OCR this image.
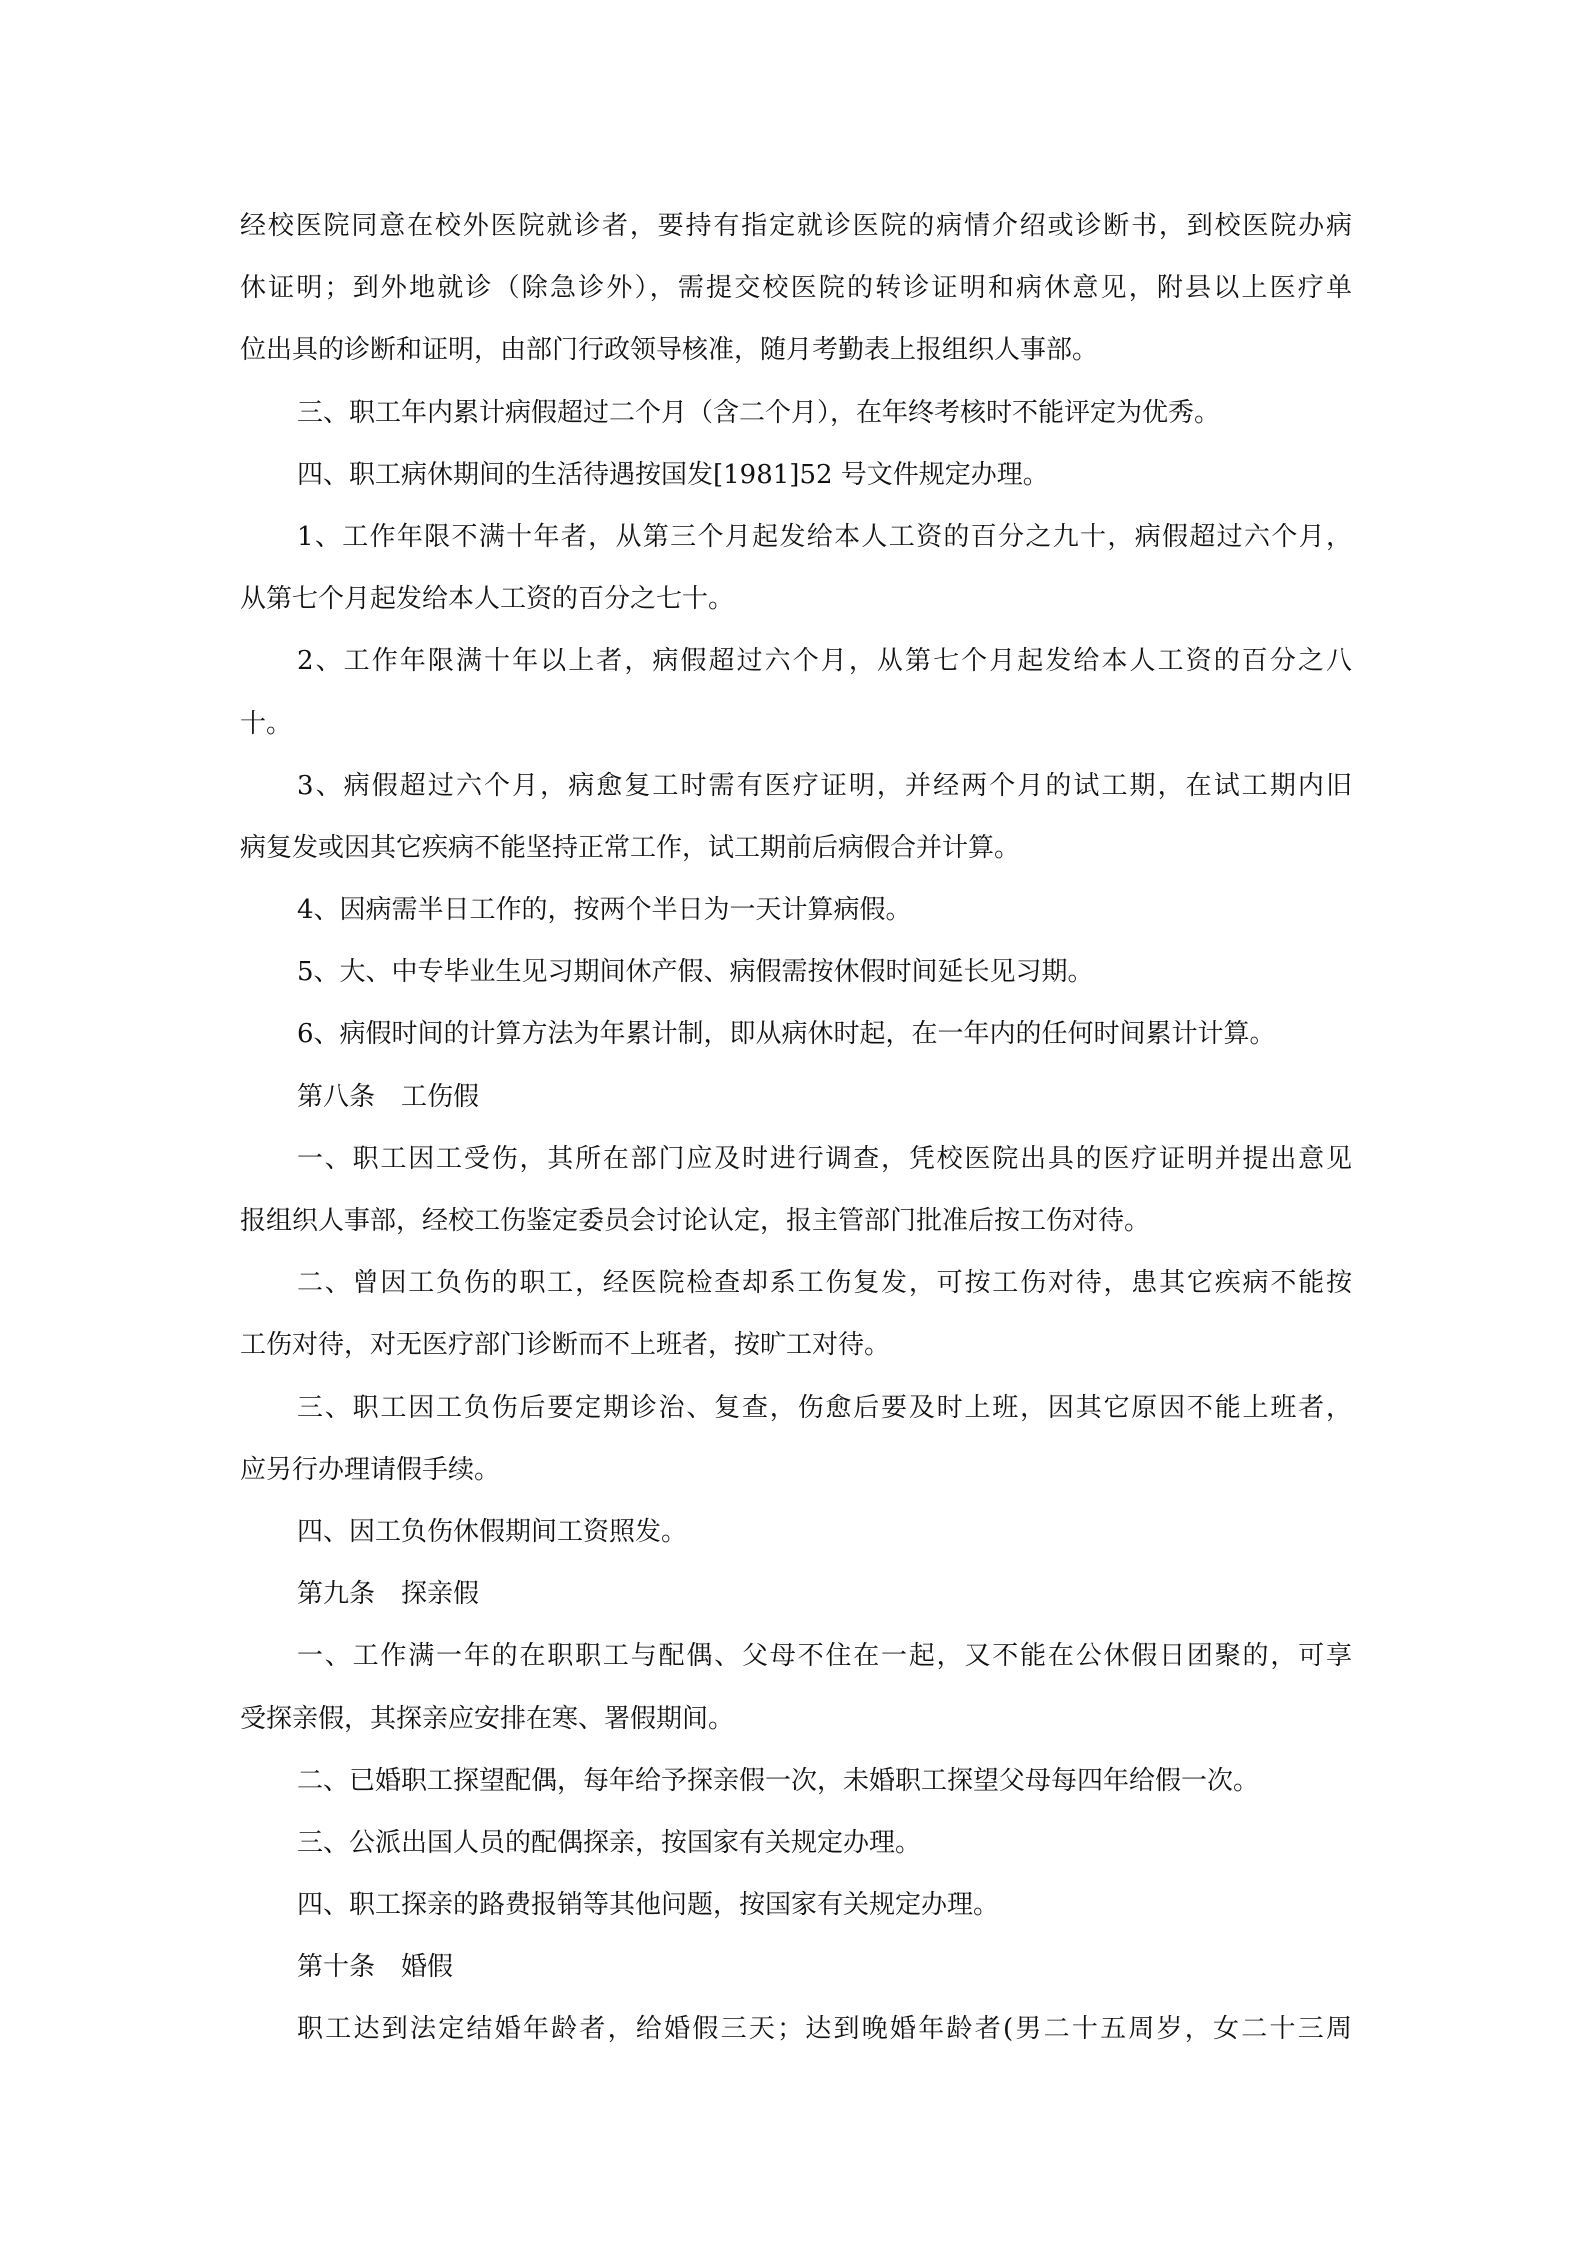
经校医院同意在校外医院就诊者，要持有指定就诊医院的病情介绍或诊断书，到校医院办病
休证明；到外地就诊（除急诊外），需提交校医院的转诊证明和病休意见，附县以上医疗单
位出具的诊断和证明，由部门行政领导核准，随月考勤表上报组织人事部。
三、职工年内累计病假超过二个月（含二个月），在年终考核时不能评定为优秀。
四、职工病休期间的生活待遇按国发[1981]52 号文件规定办理。
1、工作年限不满十年者，从第三个月起发给本人工资的百分之九十，病假超过六个月，
从第七个月起发给本人工资的百分之七十。
2、工作年限满十年以上者，病假超过六个月，从第七个月起发给本人工资的百分之八
十。
3、病假超过六个月，病愈复工时需有医疗证明，并经两个月的试工期，在试工期内旧
病复发或因其它疾病不能坚持正常工作，试工期前后病假合并计算。
4、因病需半日工作的，按两个半日为一天计算病假。
5、大、中专毕业生见习期间休产假、病假需按休假时间延长见习期。
6、病假时间的计算方法为年累计制，即从病休时起，在一年内的任何时间累计计算。
第八条　工伤假
一、职工因工受伤，其所在部门应及时进行调查，凭校医院出具的医疗证明并提出意见
报组织人事部，经校工伤鉴定委员会讨论认定，报主管部门批准后按工伤对待。
二、曾因工负伤的职工，经医院检查却系工伤复发，可按工伤对待，患其它疾病不能按
工伤对待，对无医疗部门诊断而不上班者，按旷工对待。
三、职工因工负伤后要定期诊治、复查，伤愈后要及时上班，因其它原因不能上班者，
应另行办理请假手续。
四、因工负伤休假期间工资照发。
第九条　探亲假
一、工作满一年的在职职工与配偶、父母不住在一起，又不能在公休假日团聚的，可享
受探亲假，其探亲应安排在寒、署假期间。
二、已婚职工探望配偶，每年给予探亲假一次，未婚职工探望父母每四年给假一次。
三、公派出国人员的配偶探亲，按国家有关规定办理。
四、职工探亲的路费报销等其他问题，按国家有关规定办理。
第十条　婚假
职工达到法定结婚年龄者，给婚假三天；达到晚婚年龄者(男二十五周岁，女二十三周
